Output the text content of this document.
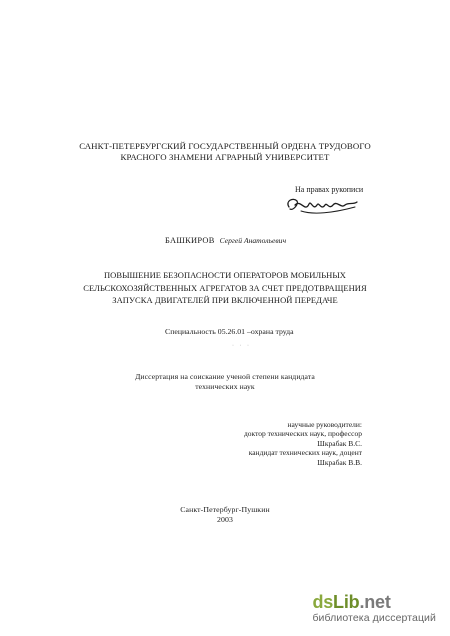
САНКТ-ПЕТЕРБУРГСКИЙ ГОСУДАРСТВЕННЫЙ ОРДЕНА ТРУДОВОГО
КРАСНОГО ЗНАМЕНИ АГРАРНЫЙ УНИВЕРСИТЕТ
На правах рукописи
БАШКИРОВ Сергей Анатольевич
ПОВЫШЕНИЕ БЕЗОПАСНОСТИ ОПЕРАТОРОВ МОБИЛЬНЫХ
СЕЛЬСКОХОЗЯЙСТВЕННЫХ АГРЕГАТОВ ЗА СЧЕТ ПРЕДОТВРАЩЕНИЯ
ЗАПУСКА ДВИГАТЕЛЕЙ ПРИ ВКЛЮЧЕННОЙ ПЕРЕДАЧЕ
Специальность 05.26.01 –охрана труда
· · ·
Диссертация на соискание ученой степени кандидата
технических наук
научные руководители:
доктор технических наук, профессор
Шкрабак В.С.
кандидат технических наук, доцент
Шкрабак В.В.
Санкт-Петербург-Пушкин
2003
dsLib.net
библиотека диссертаций
